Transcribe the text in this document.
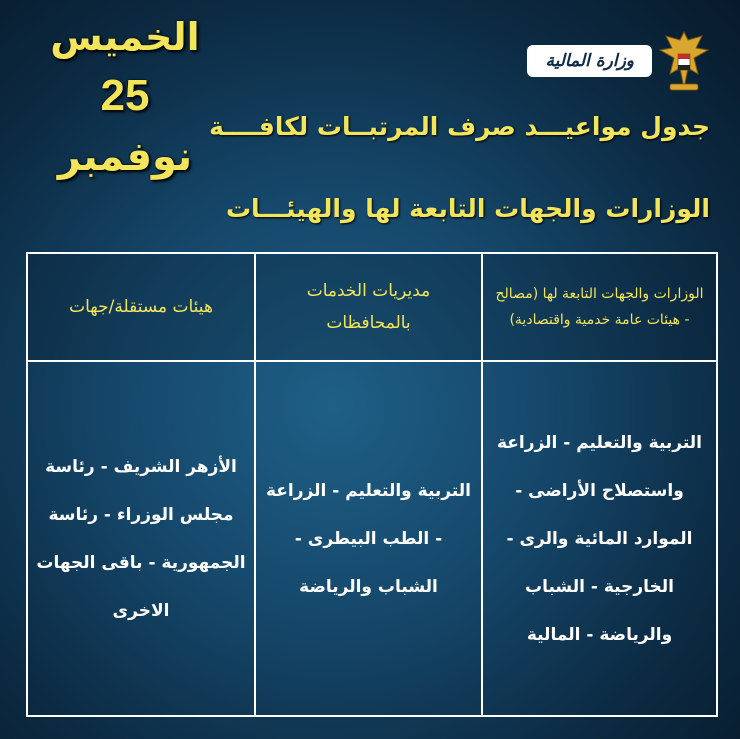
الخميس
25
نوفمبر
وزارة المالية
جدول مواعيـــد صرف المرتبــات لكافــــة
الوزارات والجهات التابعة لها والهيئـــات
الوزارات والجهات التابعة لها (مصالح - هيئات عامة خدمية واقتصادية)	مديريات الخدمات بالمحافظات	هيئات مستقلة/جهات

التربية والتعليم - الزراعة واستصلاح الأراضى - الموارد المائية والرى - الخارجية - الشباب والرياضة - المالية	التربية والتعليم - الزراعة - الطب البيطرى - الشباب والرياضة	الأزهر الشريف - رئاسة مجلس الوزراء - رئاسة الجمهورية - باقى الجهات الاخرى
